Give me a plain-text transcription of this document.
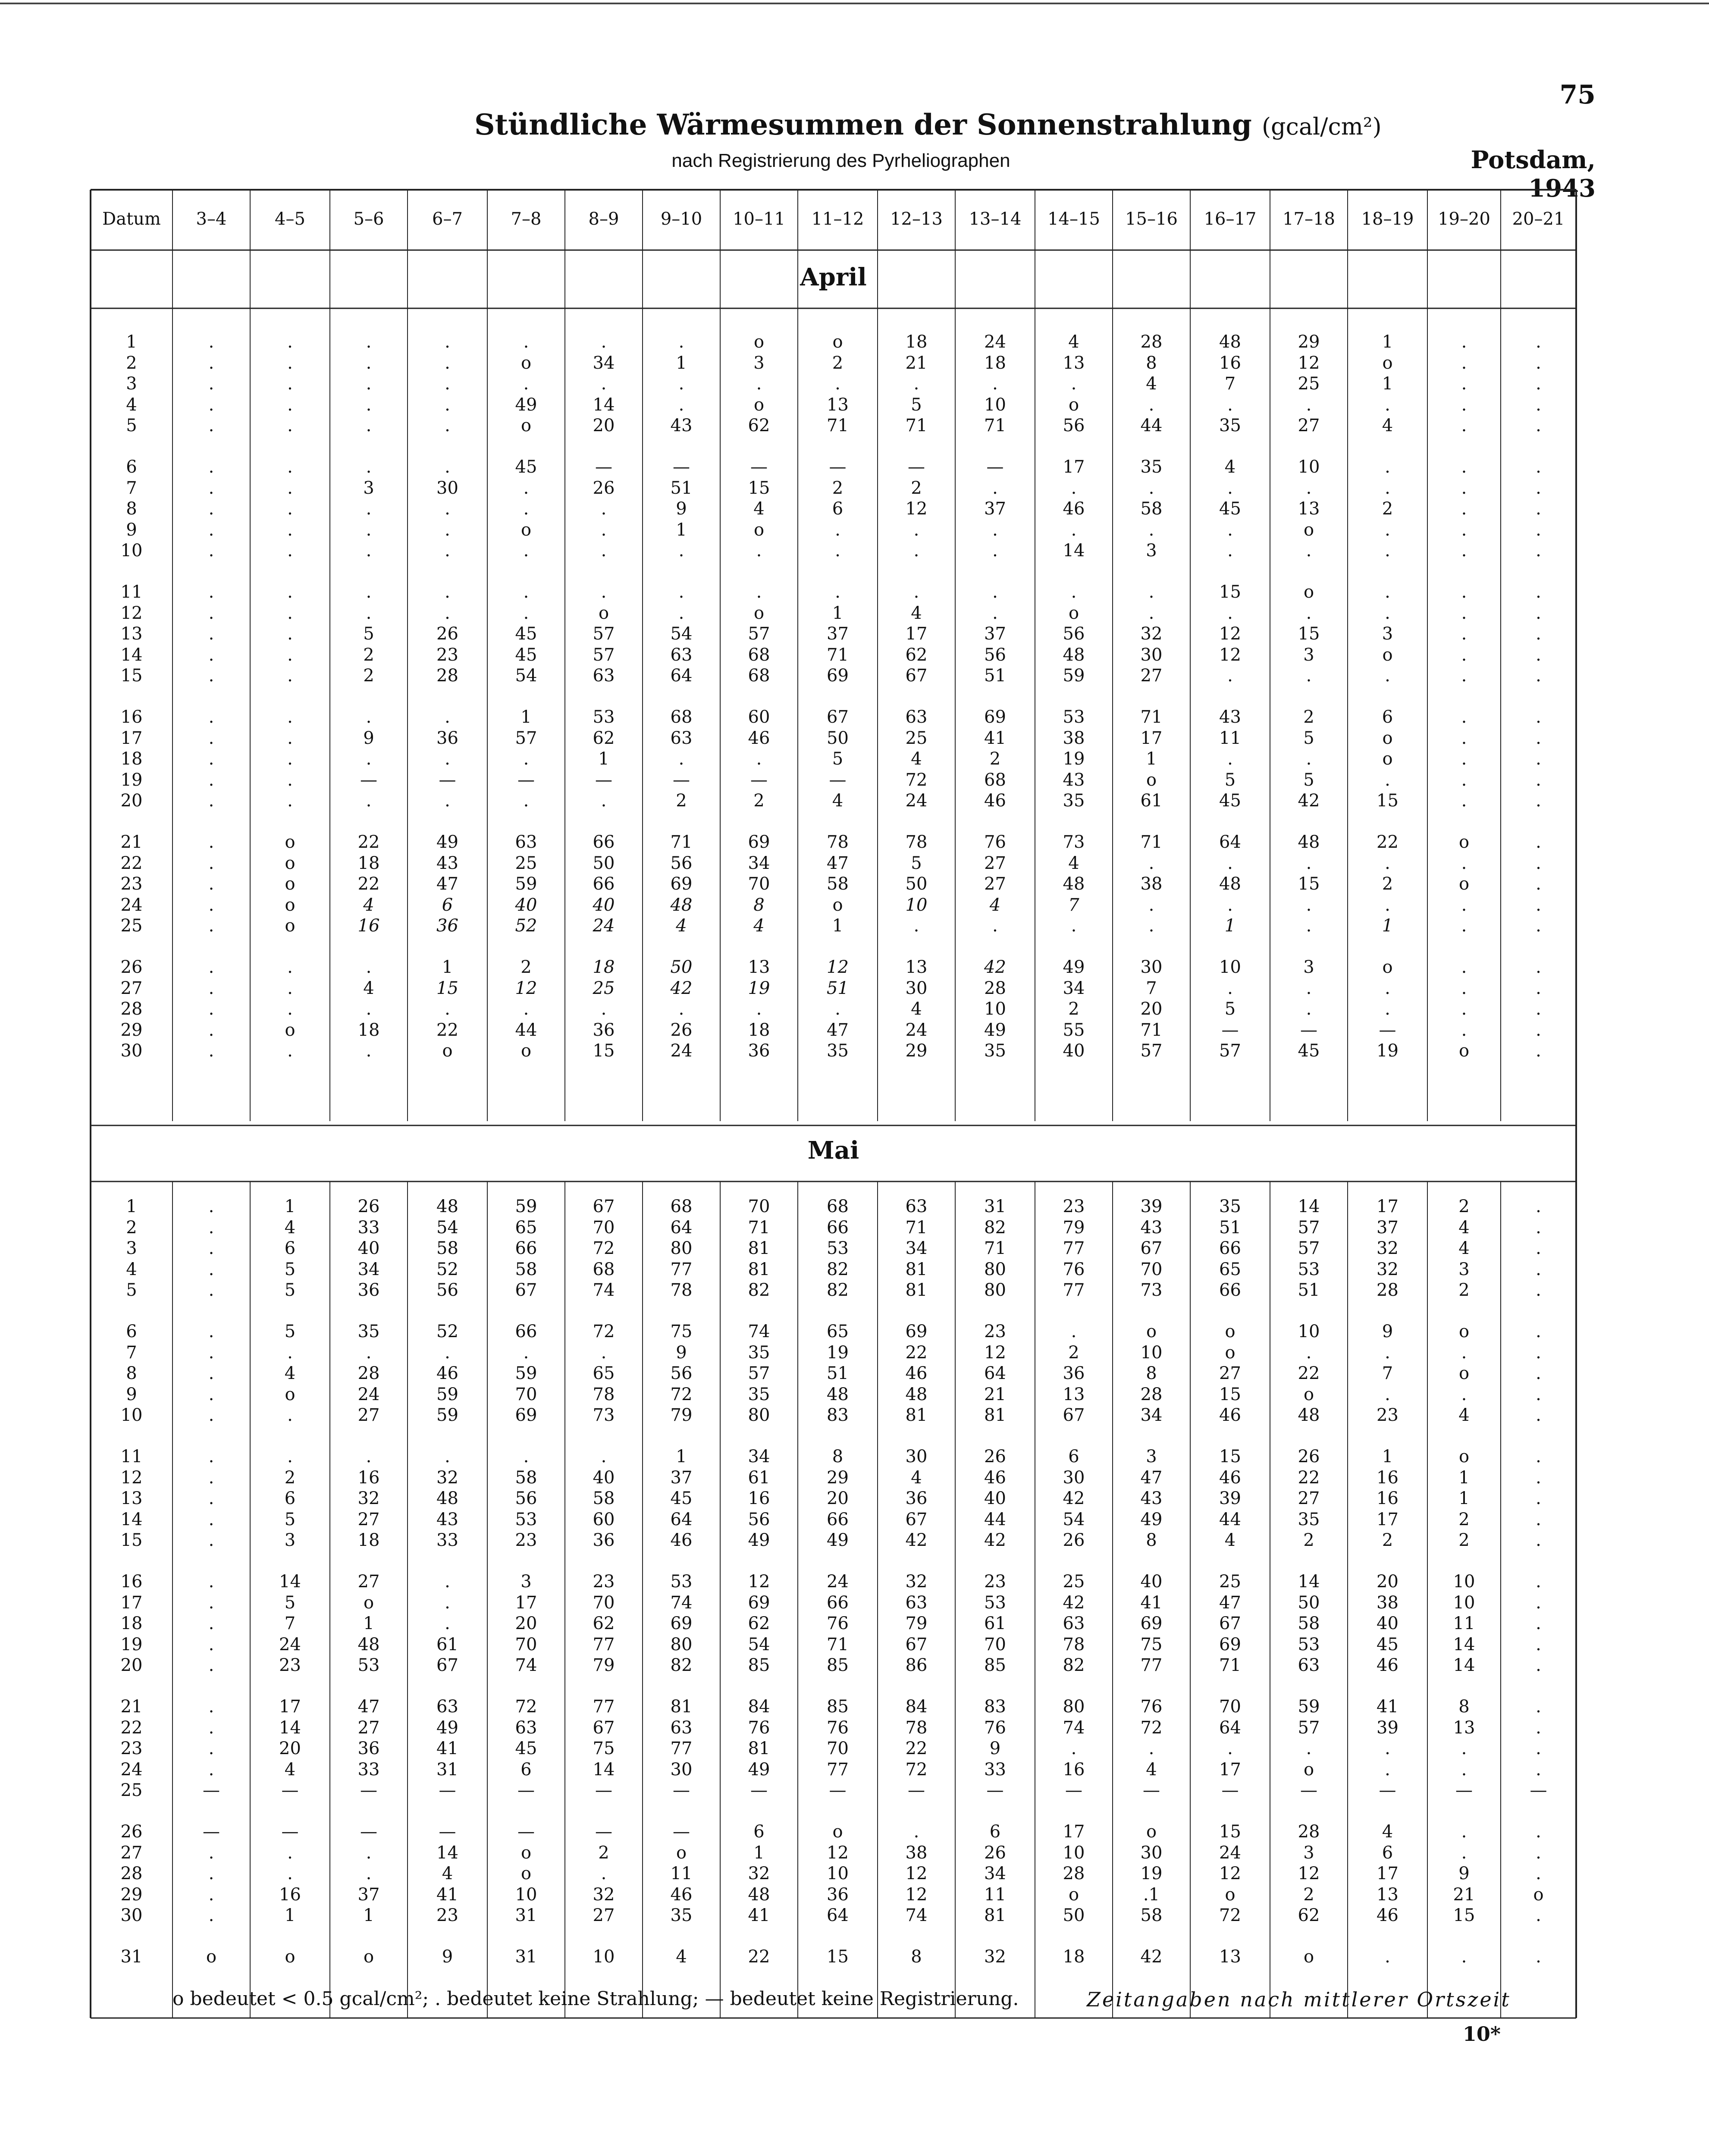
75
Stündliche Wärmesummen der Sonnenstrahlung (gcal/cm²)
nach Registrierung des Pyrheliographen	Potsdam, 1943
Datum	3–4	4–5	5–6	6–7	7–8	8–9	9–10	10–11	11–12	12–13	13–14	14–15	15–16	16–17	17–18	18–19	19–20	20–21
April
1	.	.	.	.	.	.	.	o	o	18	24	4	28	48	29	1	.	.
2	.	.	.	.	o	34	1	3	2	21	18	13	8	16	12	o	.	.
3	.	.	.	.	.	.	.	.	.	.	.	.	4	7	25	1	.	.
4	.	.	.	.	49	14	.	o	13	5	10	o	.	.	.	.	.	.
5	.	.	.	.	o	20	43	62	71	71	71	56	44	35	27	4	.	.
6	.	.	.	.	45	—	—	—	—	—	—	17	35	4	10	.	.	.
7	.	.	3	30	.	26	51	15	2	2	.	.	.	.	.	.	.	.
8	.	.	.	.	.	.	9	4	6	12	37	46	58	45	13	2	.	.
9	.	.	.	.	o	.	1	o	.	.	.	.	.	.	o	.	.	.
10	.	.	.	.	.	.	.	.	.	.	.	14	3	.	.	.	.	.
11	.	.	.	.	.	.	.	.	.	.	.	.	.	15	o	.	.	.
12	.	.	.	.	.	o	.	o	1	4	.	o	.	.	.	.	.	.
13	.	.	5	26	45	57	54	57	37	17	37	56	32	12	15	3	.	.
14	.	.	2	23	45	57	63	68	71	62	56	48	30	12	3	o	.	.
15	.	.	2	28	54	63	64	68	69	67	51	59	27	.	.	.	.	.
16	.	.	.	.	1	53	68	60	67	63	69	53	71	43	2	6	.	.
17	.	.	9	36	57	62	63	46	50	25	41	38	17	11	5	o	.	.
18	.	.	.	.	.	1	.	.	5	4	2	19	1	.	.	o	.	.
19	.	.	—	—	—	—	—	—	—	72	68	43	o	5	5	.	.	.
20	.	.	.	.	.	.	2	2	4	24	46	35	61	45	42	15	.	.
21	.	o	22	49	63	66	71	69	78	78	76	73	71	64	48	22	o	.
22	.	o	18	43	25	50	56	34	47	5	27	4	.	.	.	.	.	.
23	.	o	22	47	59	66	69	70	58	50	27	48	38	48	15	2	o	.
24	.	o	4	6	40	40	48	8	o	10	4	7	.	.	.	.	.	.
25	.	o	16	36	52	24	4	4	1	.	.	.	.	1	.	1	.	.
26	.	.	.	1	2	18	50	13	12	13	42	49	30	10	3	o	.	.
27	.	.	4	15	12	25	42	19	51	30	28	34	7	.	.	.	.	.
28	.	.	.	.	.	.	.	.	.	4	10	2	20	5	.	.	.	.
29	.	o	18	22	44	36	26	18	47	24	49	55	71	—	—	—	.	.
30	.	.	.	o	o	15	24	36	35	29	35	40	57	57	45	19	o	.
Mai
1	.	1	26	48	59	67	68	70	68	63	31	23	39	35	14	17	2	.
2	.	4	33	54	65	70	64	71	66	71	82	79	43	51	57	37	4	.
3	.	6	40	58	66	72	80	81	53	34	71	77	67	66	57	32	4	.
4	.	5	34	52	58	68	77	81	82	81	80	76	70	65	53	32	3	.
5	.	5	36	56	67	74	78	82	82	81	80	77	73	66	51	28	2	.
6	.	5	35	52	66	72	75	74	65	69	23	.	o	o	10	9	o	.
7	.	.	.	.	.	.	9	35	19	22	12	2	10	o	.	.	.	.
8	.	4	28	46	59	65	56	57	51	46	64	36	8	27	22	7	o	.
9	.	o	24	59	70	78	72	35	48	48	21	13	28	15	o	.	.	.
10	.	.	27	59	69	73	79	80	83	81	81	67	34	46	48	23	4	.
11	.	.	.	.	.	.	1	34	8	30	26	6	3	15	26	1	o	.
12	.	2	16	32	58	40	37	61	29	4	46	30	47	46	22	16	1	.
13	.	6	32	48	56	58	45	16	20	36	40	42	43	39	27	16	1	.
14	.	5	27	43	53	60	64	56	66	67	44	54	49	44	35	17	2	.
15	.	3	18	33	23	36	46	49	49	42	42	26	8	4	2	2	2	.
16	.	14	27	.	3	23	53	12	24	32	23	25	40	25	14	20	10	.
17	.	5	o	.	17	70	74	69	66	63	53	42	41	47	50	38	10	.
18	.	7	1	.	20	62	69	62	76	79	61	63	69	67	58	40	11	.
19	.	24	48	61	70	77	80	54	71	67	70	78	75	69	53	45	14	.
20	.	23	53	67	74	79	82	85	85	86	85	82	77	71	63	46	14	.
21	.	17	47	63	72	77	81	84	85	84	83	80	76	70	59	41	8	.
22	.	14	27	49	63	67	63	76	76	78	76	74	72	64	57	39	13	.
23	.	20	36	41	45	75	77	81	70	22	9	.	.	.	.	.	.	.
24	.	4	33	31	6	14	30	49	77	72	33	16	4	17	o	.	.	.
25	—	—	—	—	—	—	—	—	—	—	—	—	—	—	—	—	—	—
26	—	—	—	—	—	—	—	6	o	.	6	17	o	15	28	4	.	.
27	.	.	.	14	o	2	o	1	12	38	26	10	30	24	3	6	.	.
28	.	.	.	4	o	.	11	32	10	12	34	28	19	12	12	17	9	.
29	.	16	37	41	10	32	46	48	36	12	11	o	.1	o	2	13	21	o
30	.	1	1	23	31	27	35	41	64	74	81	50	58	72	62	46	15	.
31	o	o	o	9	31	10	4	22	15	8	32	18	42	13	o	.	.	.
o bedeutet < 0.5 gcal/cm²; . bedeutet keine Strahlung; — bedeutet keine Registrierung.	Zeitangaben nach mittlerer Ortszeit
10*
